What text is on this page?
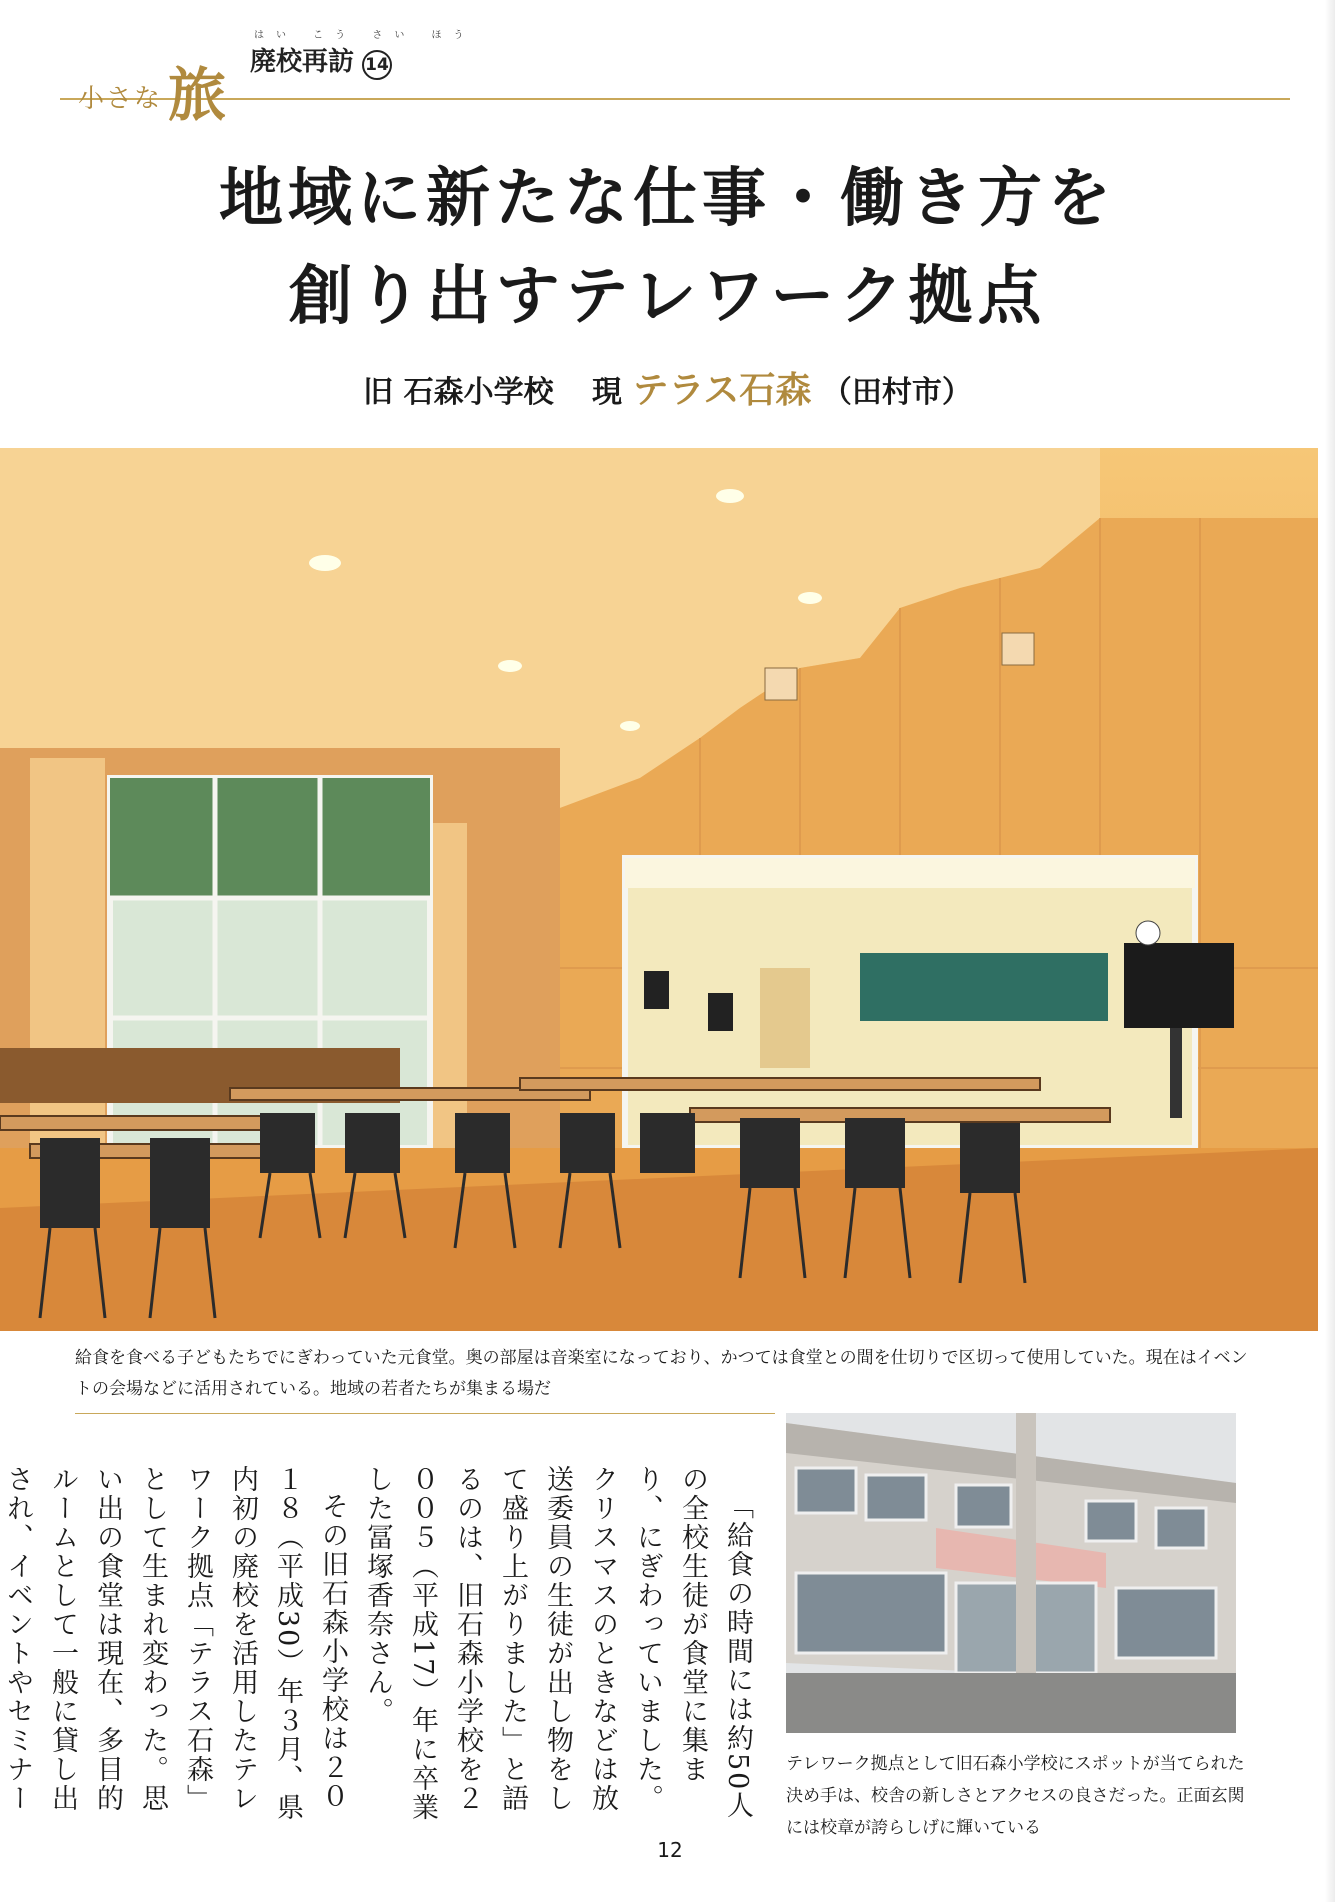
小さな 旅
はい こう さい ほう
廃校再訪 14
地域に新たな仕事・働き方を
創り出すテレワーク拠点
旧 石森小学校 現 テラス石森 （田村市）
給食を食べる子どもたちでにぎわっていた元食堂。奥の部屋は音楽室になっており、かつては食堂との間を仕切りで区切って使用していた。現在はイベントの会場などに活用されている。地域の若者たちが集まる場だ

「給食の時間には約50人の全校生徒が食堂に集まり、にぎわっていました。クリスマスのときなどは放送委員の生徒が出し物をして盛り上がりました」と語るのは、旧石森小学校を２００５（平成17）年に卒業した冨塚香奈さん。

その旧石森小学校は２０１８（平成30）年３月、県内初の廃校を活用したテレワーク拠点「テラス石森」として生まれ変わった。思い出の食堂は現在、多目的ルームとして一般に貸し出され、イベントやセミナー

テレワーク拠点として旧石森小学校にスポットが当てられた決め手は、校舎の新しさとアクセスの良さだった。正面玄関には校章が誇らしげに輝いている
12
